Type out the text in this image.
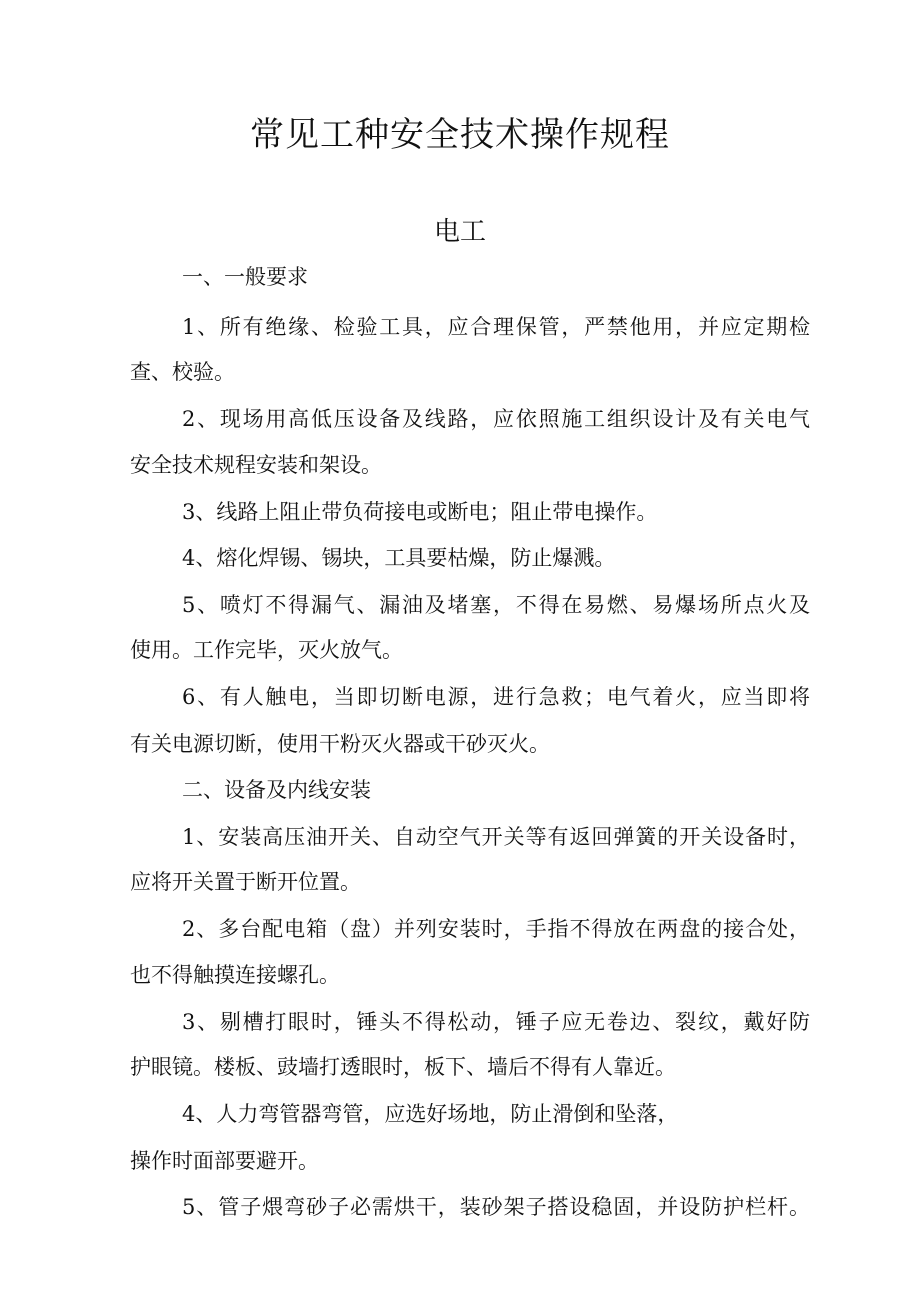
常见工种安全技术操作规程
电工
一、一般要求
1、所有绝缘、检验工具，应合理保管，严禁他用，并应定期检
查、校验。
2、现场用高低压设备及线路，应依照施工组织设计及有关电气
安全技术规程安装和架设。
3、线路上阻止带负荷接电或断电；阻止带电操作。
4、熔化焊锡、锡块，工具要枯燥，防止爆溅。
5、喷灯不得漏气、漏油及堵塞，不得在易燃、易爆场所点火及
使用。工作完毕，灭火放气。
6、有人触电，当即切断电源，进行急救；电气着火，应当即将
有关电源切断，使用干粉灭火器或干砂灭火。
二、设备及内线安装
1、安装高压油开关、自动空气开关等有返回弹簧的开关设备时，
应将开关置于断开位置。
2、多台配电箱（盘）并列安装时，手指不得放在两盘的接合处，
也不得触摸连接螺孔。
3、剔槽打眼时，锤头不得松动，锤子应无卷边、裂纹，戴好防
护眼镜。楼板、豉墙打透眼时，板下、墙后不得有人靠近。
4、人力弯管器弯管，应选好场地，防止滑倒和坠落，
操作时面部要避开。
5、管子煨弯砂子必需烘干，装砂架子搭设稳固，并设防护栏杆。
